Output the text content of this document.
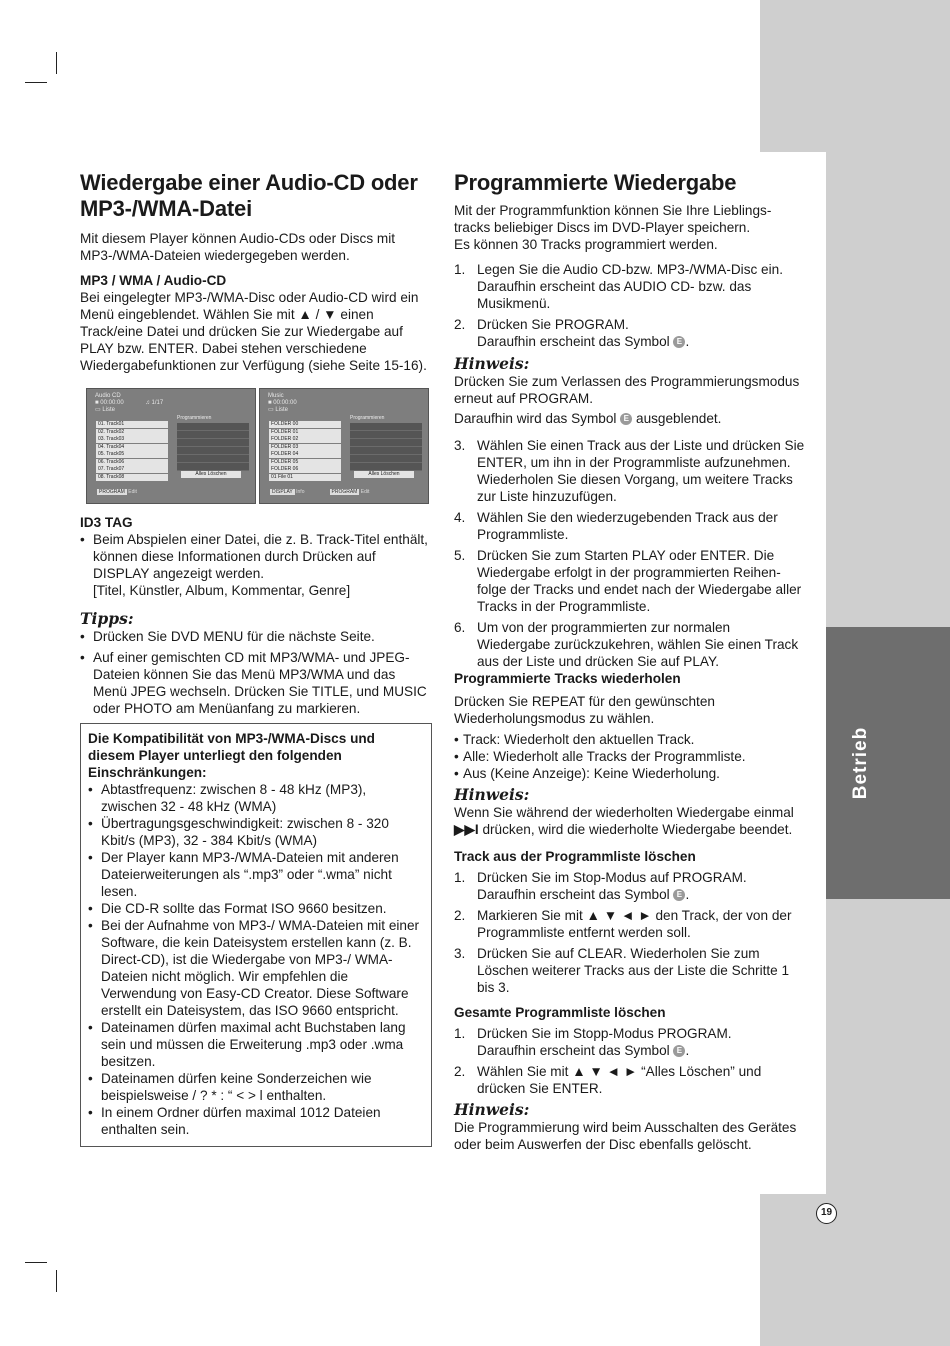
Betrieb
Wiedergabe einer Audio-CD oder MP3-/WMA-Datei

Mit diesem Player können Audio-CDs oder Discs mit MP3-/WMA-Dateien wiedergegeben werden.

MP3 / WMA / Audio-CD

Bei eingelegter MP3-/WMA-Disc oder Audio-CD wird ein Menü eingeblendet. Wählen Sie mit ▲ / ▼ einen Track/eine Datei und drücken Sie zur Wiedergabe auf PLAY bzw. ENTER. Dabei stehen verschiedene Wiedergabefunktionen zur Verfügung (siehe Seite 15-16).

Audio CD
■ 00:00:00             ♫ 1/17
▭ Liste
Programmieren
01. Track01
02. Track02
03. Track03
04. Track04
05. Track05
06. Track06
07. Track07
08. Track08	Alles Löschen
PROGRAM Edit
Music
■ 00:00:00
▭ Liste
Programmieren
FOLDER 00
FOLDER 01
FOLDER 02
FOLDER 03
FOLDER 04
FOLDER 05
FOLDER 06
01 File 01	Alles Löschen
DISPLAY Info	PROGRAM Edit

ID3 TAG

• Beim Abspielen einer Datei, die z. B. Track-Titel enthält, können diese Informationen durch Drücken auf DISPLAY angezeigt werden.
[Titel, Künstler, Album, Kommentar, Genre]

Tipps:

• Drücken Sie DVD MENU für die nächste Seite.
• Auf einer gemischten CD mit MP3/WMA- und JPEG-Dateien können Sie das Menü MP3/WMA und das Menü JPEG wechseln. Drücken Sie TITLE, und MUSIC oder PHOTO am Menüanfang zu markieren.

Die Kompatibilität von MP3-/WMA-Discs und diesem Player unterliegt den folgenden Einschränkungen:

• Abtastfrequenz: zwischen 8 - 48 kHz (MP3), zwischen 32 - 48 kHz (WMA)
• Übertragungsgeschwindigkeit: zwischen 8 - 320 Kbit/s (MP3), 32 - 384 Kbit/s (WMA)
• Der Player kann MP3-/WMA-Dateien mit anderen Dateierweiterungen als “.mp3” oder “.wma” nicht lesen.
• Die CD-R sollte das Format ISO 9660 besitzen.
• Bei der Aufnahme von MP3-/ WMA-Dateien mit einer Software, die kein Dateisystem erstellen kann (z. B. Direct-CD), ist die Wiedergabe von MP3-/ WMA-Dateien nicht möglich. Wir empfehlen die Verwendung von Easy-CD Creator. Diese Software erstellt ein Dateisystem, das ISO 9660 entspricht.
• Dateinamen dürfen maximal acht Buchstaben lang sein und müssen die Erweiterung .mp3 oder .wma besitzen.
• Dateinamen dürfen keine Sonderzeichen wie beispielsweise / ? * : “ < > l enthalten.
• In einem Ordner dürfen maximal 1012 Dateien enthalten sein.
Programmierte Wiedergabe

Mit der Programmfunktion können Sie Ihre Lieblings-tracks beliebiger Discs im DVD-Player speichern.

Es können 30 Tracks programmiert werden.

1. Legen Sie die Audio CD-bzw. MP3-/WMA-Disc ein.
Daraufhin erscheint das AUDIO CD- bzw. das Musikmenü.
2. Drücken Sie PROGRAM.
Daraufhin erscheint das Symbol E .

Hinweis:

Drücken Sie zum Verlassen des Programmierungsmodus erneut auf PROGRAM.

Daraufhin wird das Symbol E ausgeblendet.

3. Wählen Sie einen Track aus der Liste und drücken Sie ENTER, um ihn in der Programmliste aufzunehmen.
Wiederholen Sie diesen Vorgang, um weitere Tracks zur Liste hinzuzufügen.
4. Wählen Sie den wiederzugebenden Track aus der Programmliste.
5. Drücken Sie zum Starten PLAY oder ENTER. Die Wiedergabe erfolgt in der programmierten Reihen-folge der Tracks und endet nach der Wiedergabe aller Tracks in der Programmliste.
6. Um von der programmierten zur normalen Wiedergabe zurückzukehren, wählen Sie einen Track aus der Liste und drücken Sie auf PLAY.

Programmierte Tracks wiederholen

Drücken Sie REPEAT für den gewünschten Wiederholungsmodus zu wählen.

• Track: Wiederholt den aktuellen Track.
• Alle: Wiederholt alle Tracks der Programmliste.
• Aus (Keine Anzeige): Keine Wiederholung.

Hinweis:

Wenn Sie während der wiederholten Wiedergabe einmal ▶▶I drücken, wird die wiederholte Wiedergabe beendet.

Track aus der Programmliste löschen

1. Drücken Sie im Stop-Modus auf PROGRAM.
Daraufhin erscheint das Symbol E .
2. Markieren Sie mit ▲ ▼ ◄ ► den Track, der von der Programmliste entfernt werden soll.
3. Drücken Sie auf CLEAR. Wiederholen Sie zum Löschen weiterer Tracks aus der Liste die Schritte 1 bis 3.

Gesamte Programmliste löschen

1. Drücken Sie im Stopp-Modus PROGRAM.
Daraufhin erscheint das Symbol E .
2. Wählen Sie mit ▲ ▼ ◄ ► “Alles Löschen” und drücken Sie ENTER.

Hinweis:

Die Programmierung wird beim Ausschalten des Gerätes oder beim Auswerfen der Disc ebenfalls gelöscht.

19
